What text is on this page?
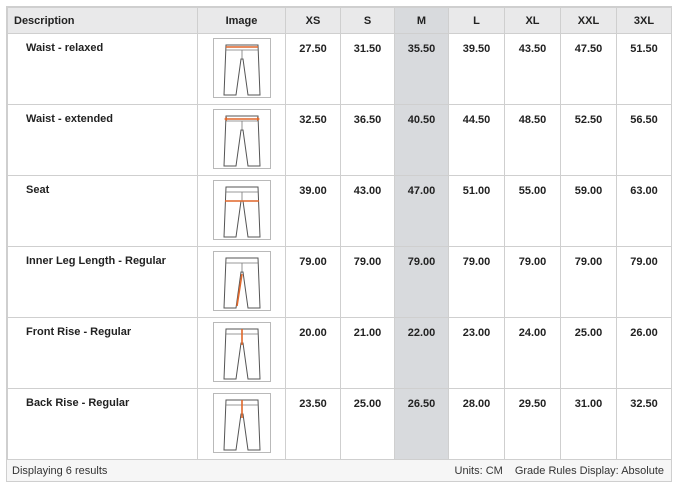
Description	Image	XS	S	M	L	XL	XXL	3XL
Waist - relaxed		27.50	31.50	35.50	39.50	43.50	47.50	51.50
Waist - extended		32.50	36.50	40.50	44.50	48.50	52.50	56.50
Seat		39.00	43.00	47.00	51.00	55.00	59.00	63.00
Inner Leg Length - Regular		79.00	79.00	79.00	79.00	79.00	79.00	79.00
Front Rise - Regular		20.00	21.00	22.00	23.00	24.00	25.00	26.00
Back Rise - Regular		23.50	25.00	26.50	28.00	29.50	31.00	32.50
Displaying 6 results	Units: CM Grade Rules Display: Absolute
